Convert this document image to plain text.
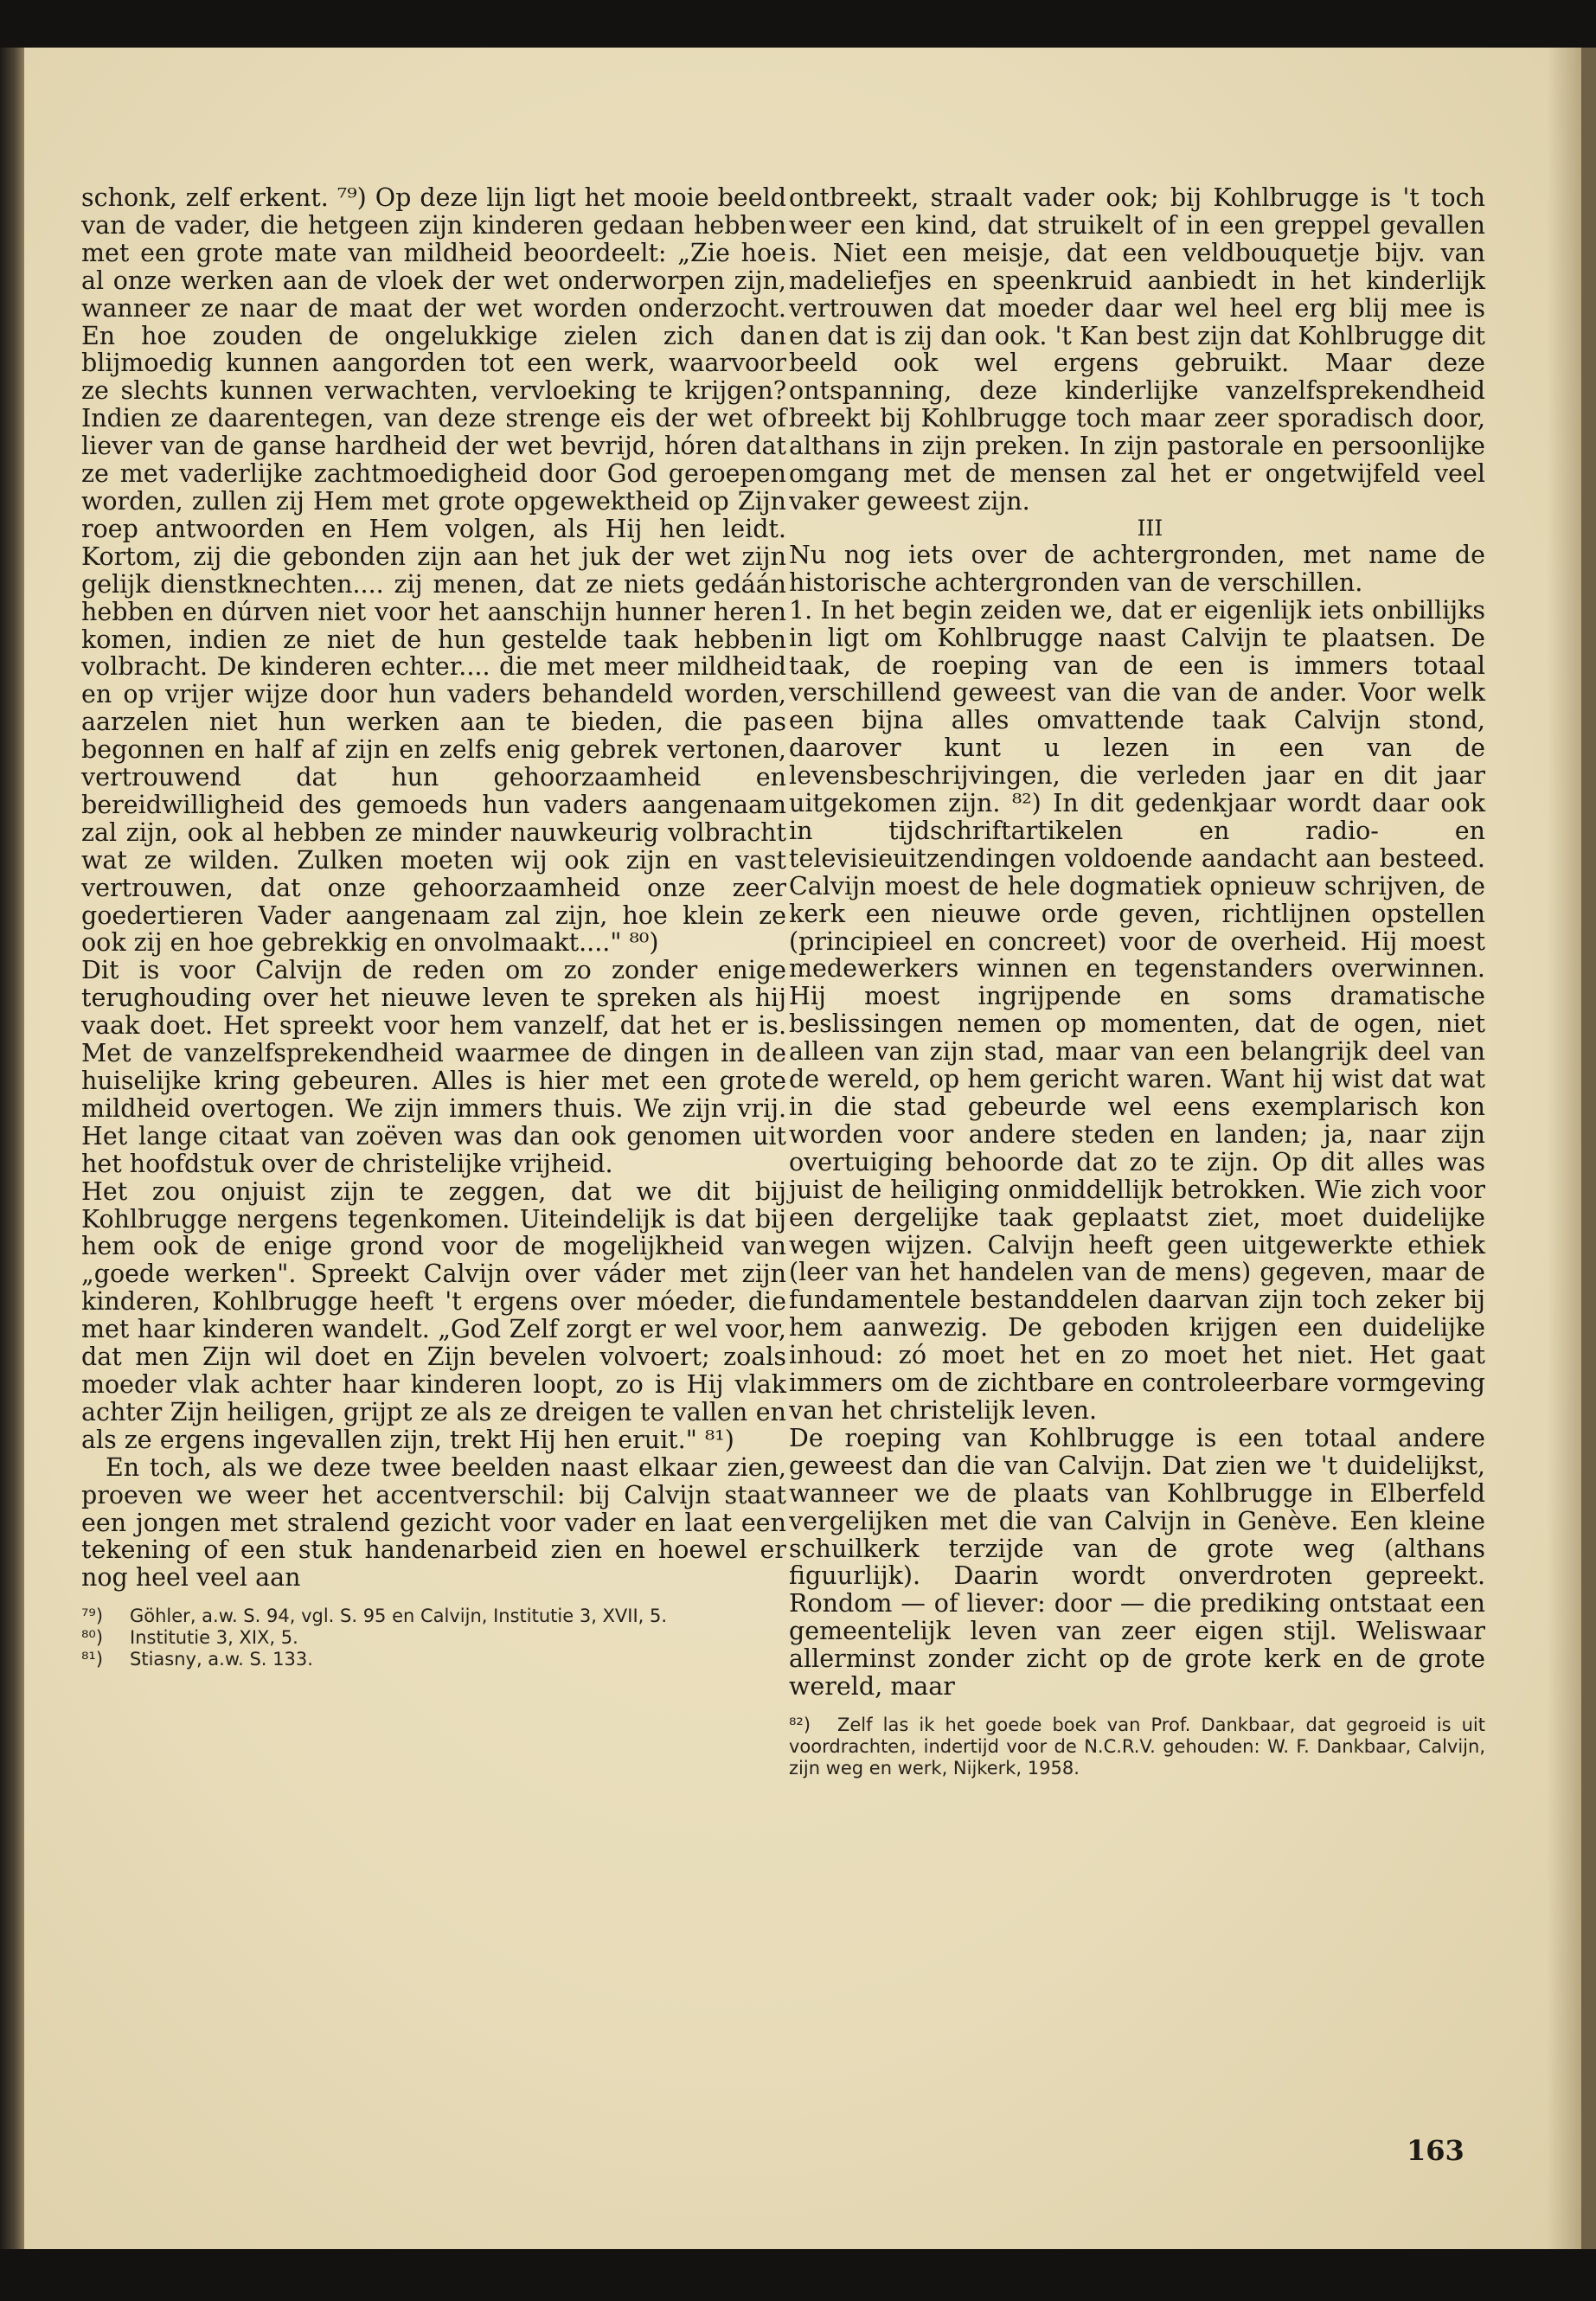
schonk, zelf erkent. ⁷⁹) Op deze lijn ligt het mooie beeld van de vader, die hetgeen zijn kinderen gedaan hebben met een grote mate van mildheid beoordeelt: „Zie hoe al onze werken aan de vloek der wet onderworpen zijn, wanneer ze naar de maat der wet worden onderzocht. En hoe zouden de ongelukkige zielen zich dan blijmoedig kunnen aangorden tot een werk, waarvoor ze slechts kunnen verwachten, vervloeking te krijgen? Indien ze daarentegen, van deze strenge eis der wet of liever van de ganse hardheid der wet bevrijd, hóren dat ze met vaderlijke zachtmoedigheid door God geroepen worden, zullen zij Hem met grote opgewektheid op Zijn roep antwoorden en Hem volgen, als Hij hen leidt. Kortom, zij die gebonden zijn aan het juk der wet zijn gelijk dienstknechten.... zij menen, dat ze niets gedáán hebben en dúrven niet voor het aanschijn hunner heren komen, indien ze niet de hun gestelde taak hebben volbracht. De kinderen echter.... die met meer mildheid en op vrijer wijze door hun vaders behandeld worden, aarzelen niet hun werken aan te bieden, die pas begonnen en half af zijn en zelfs enig gebrek vertonen, vertrouwend dat hun gehoorzaamheid en bereidwilligheid des gemoeds hun vaders aangenaam zal zijn, ook al hebben ze minder nauwkeurig volbracht wat ze wilden. Zulken moeten wij ook zijn en vast vertrouwen, dat onze gehoorzaamheid onze zeer goedertieren Vader aangenaam zal zijn, hoe klein ze ook zij en hoe gebrekkig en onvolmaakt...." ⁸⁰)

Dit is voor Calvijn de reden om zo zonder enige terughouding over het nieuwe leven te spreken als hij vaak doet. Het spreekt voor hem vanzelf, dat het er is. Met de vanzelfsprekendheid waarmee de dingen in de huiselijke kring gebeuren. Alles is hier met een grote mildheid overtogen. We zijn immers thuis. We zijn vrij. Het lange citaat van zoëven was dan ook genomen uit het hoofdstuk over de christelijke vrijheid.

Het zou onjuist zijn te zeggen, dat we dit bij Kohlbrugge nergens tegenkomen. Uiteindelijk is dat bij hem ook de enige grond voor de mogelijkheid van „goede werken". Spreekt Calvijn over váder met zijn kinderen, Kohlbrugge heeft 't ergens over móeder, die met haar kinderen wandelt. „God Zelf zorgt er wel voor, dat men Zijn wil doet en Zijn bevelen volvoert; zoals moeder vlak achter haar kinderen loopt, zo is Hij vlak achter Zijn heiligen, grijpt ze als ze dreigen te vallen en als ze ergens ingevallen zijn, trekt Hij hen eruit." ⁸¹)

En toch, als we deze twee beelden naast elkaar zien, proeven we weer het accentverschil: bij Calvijn staat een jongen met stralend gezicht voor vader en laat een tekening of een stuk handenarbeid zien en hoewel er nog heel veel aan

⁷⁹) Göhler, a.w. S. 94, vgl. S. 95 en Calvijn, Institutie 3, XVII, 5.

⁸⁰) Institutie 3, XIX, 5.

⁸¹) Stiasny, a.w. S. 133.

ontbreekt, straalt vader ook; bij Kohlbrugge is 't toch weer een kind, dat struikelt of in een greppel gevallen is. Niet een meisje, dat een veldbouquetje bijv. van madeliefjes en speenkruid aanbiedt in het kinderlijk vertrouwen dat moeder daar wel heel erg blij mee is en dat is zij dan ook. 't Kan best zijn dat Kohlbrugge dit beeld ook wel ergens gebruikt. Maar deze ontspanning, deze kinderlijke vanzelfsprekendheid breekt bij Kohlbrugge toch maar zeer sporadisch door, althans in zijn preken. In zijn pastorale en persoonlijke omgang met de mensen zal het er ongetwijfeld veel vaker geweest zijn.

III

Nu nog iets over de achtergronden, met name de historische achtergronden van de verschillen.

1. In het begin zeiden we, dat er eigenlijk iets onbillijks in ligt om Kohlbrugge naast Calvijn te plaatsen. De taak, de roeping van de een is immers totaal verschillend geweest van die van de ander. Voor welk een bijna alles omvattende taak Calvijn stond, daarover kunt u lezen in een van de levensbeschrijvingen, die verleden jaar en dit jaar uitgekomen zijn. ⁸²) In dit gedenkjaar wordt daar ook in tijdschriftartikelen en radio- en televisieuitzendingen voldoende aandacht aan besteed. Calvijn moest de hele dogmatiek opnieuw schrijven, de kerk een nieuwe orde geven, richtlijnen opstellen (principieel en concreet) voor de overheid. Hij moest medewerkers winnen en tegenstanders overwinnen. Hij moest ingrijpende en soms dramatische beslissingen nemen op momenten, dat de ogen, niet alleen van zijn stad, maar van een belangrijk deel van de wereld, op hem gericht waren. Want hij wist dat wat in die stad gebeurde wel eens exemplarisch kon worden voor andere steden en landen; ja, naar zijn overtuiging behoorde dat zo te zijn. Op dit alles was juist de heiliging onmiddellijk betrokken. Wie zich voor een dergelijke taak geplaatst ziet, moet duidelijke wegen wijzen. Calvijn heeft geen uitgewerkte ethiek (leer van het handelen van de mens) gegeven, maar de fundamentele bestanddelen daarvan zijn toch zeker bij hem aanwezig. De geboden krijgen een duidelijke inhoud: zó moet het en zo moet het niet. Het gaat immers om de zichtbare en controleerbare vormgeving van het christelijk leven.

De roeping van Kohlbrugge is een totaal andere geweest dan die van Calvijn. Dat zien we 't duidelijkst, wanneer we de plaats van Kohlbrugge in Elberfeld vergelijken met die van Calvijn in Genève. Een kleine schuilkerk terzijde van de grote weg (althans figuurlijk). Daarin wordt onverdroten gepreekt. Rondom — of liever: door — die prediking ontstaat een gemeentelijk leven van zeer eigen stijl. Weliswaar allerminst zonder zicht op de grote kerk en de grote wereld, maar

⁸²) Zelf las ik het goede boek van Prof. Dankbaar, dat gegroeid is uit voordrachten, indertijd voor de N.C.R.V. gehouden: W. F. Dankbaar, Calvijn, zijn weg en werk, Nijkerk, 1958.

163
